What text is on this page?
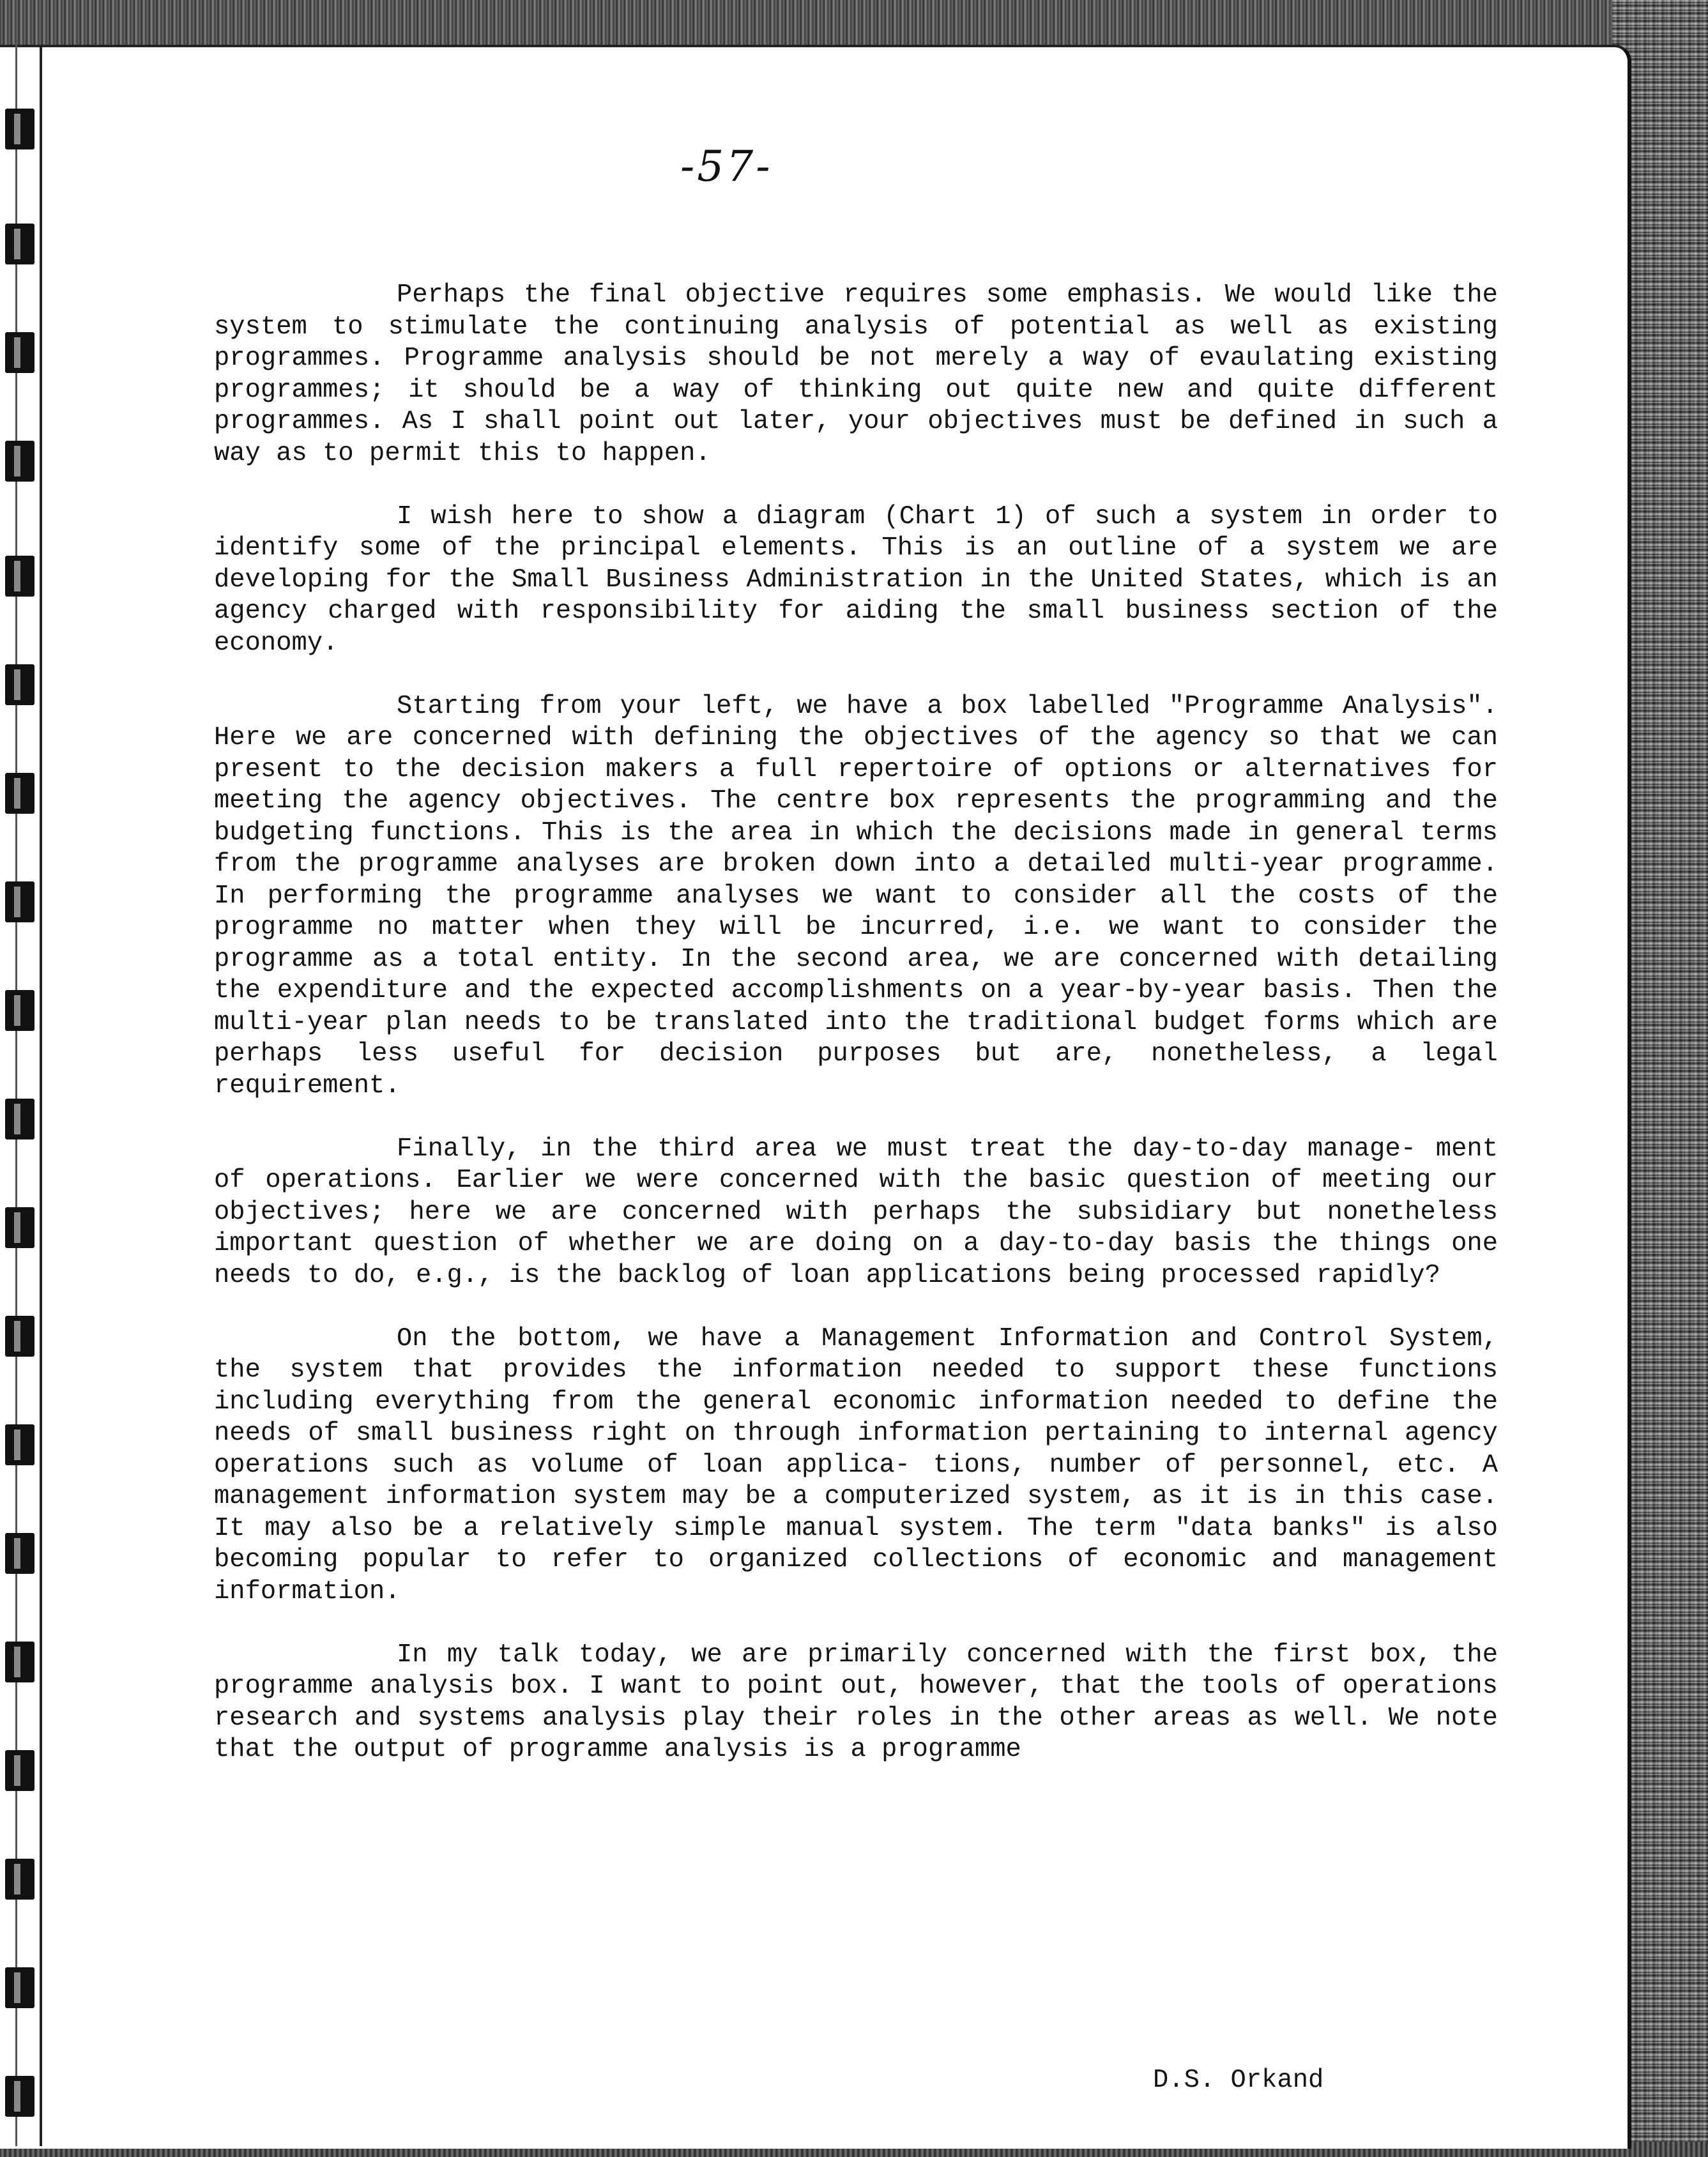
-57-

Perhaps the final objective requires some emphasis. We would like the system to stimulate the continuing analysis of potential as well as existing programmes. Programme analysis should be not merely a way of evaulating existing programmes; it should be a way of thinking out quite new and quite different programmes. As I shall point out later, your objectives must be defined in such a way as to permit this to happen.

I wish here to show a diagram (Chart 1) of such a system in order to identify some of the principal elements. This is an outline of a system we are developing for the Small Business Administration in the United States, which is an agency charged with responsibility for aiding the small business section of the economy.

Starting from your left, we have a box labelled "Programme Analysis". Here we are concerned with defining the objectives of the agency so that we can present to the decision makers a full repertoire of options or alternatives for meeting the agency objectives. The centre box represents the programming and the budgeting functions. This is the area in which the decisions made in general terms from the programme analyses are broken down into a detailed multi-year programme. In performing the programme analyses we want to consider all the costs of the programme no matter when they will be incurred, i.e. we want to consider the programme as a total entity. In the second area, we are concerned with detailing the expenditure and the expected accomplishments on a year-by-year basis. Then the multi-year plan needs to be translated into the traditional budget forms which are perhaps less useful for decision purposes but are, nonetheless, a legal requirement.

Finally, in the third area we must treat the day-to-day manage- ment of operations. Earlier we were concerned with the basic question of meeting our objectives; here we are concerned with perhaps the subsidiary but nonetheless important question of whether we are doing on a day-to-day basis the things one needs to do, e.g., is the backlog of loan applications being processed rapidly?

On the bottom, we have a Management Information and Control System, the system that provides the information needed to support these functions including everything from the general economic information needed to define the needs of small business right on through information pertaining to internal agency operations such as volume of loan applica- tions, number of personnel, etc. A management information system may be a computerized system, as it is in this case. It may also be a relatively simple manual system. The term "data banks" is also becoming popular to refer to organized collections of economic and management information.

In my talk today, we are primarily concerned with the first box, the programme analysis box. I want to point out, however, that the tools of operations research and systems analysis play their roles in the other areas as well. We note that the output of programme analysis is a programme

D.S. Orkand
